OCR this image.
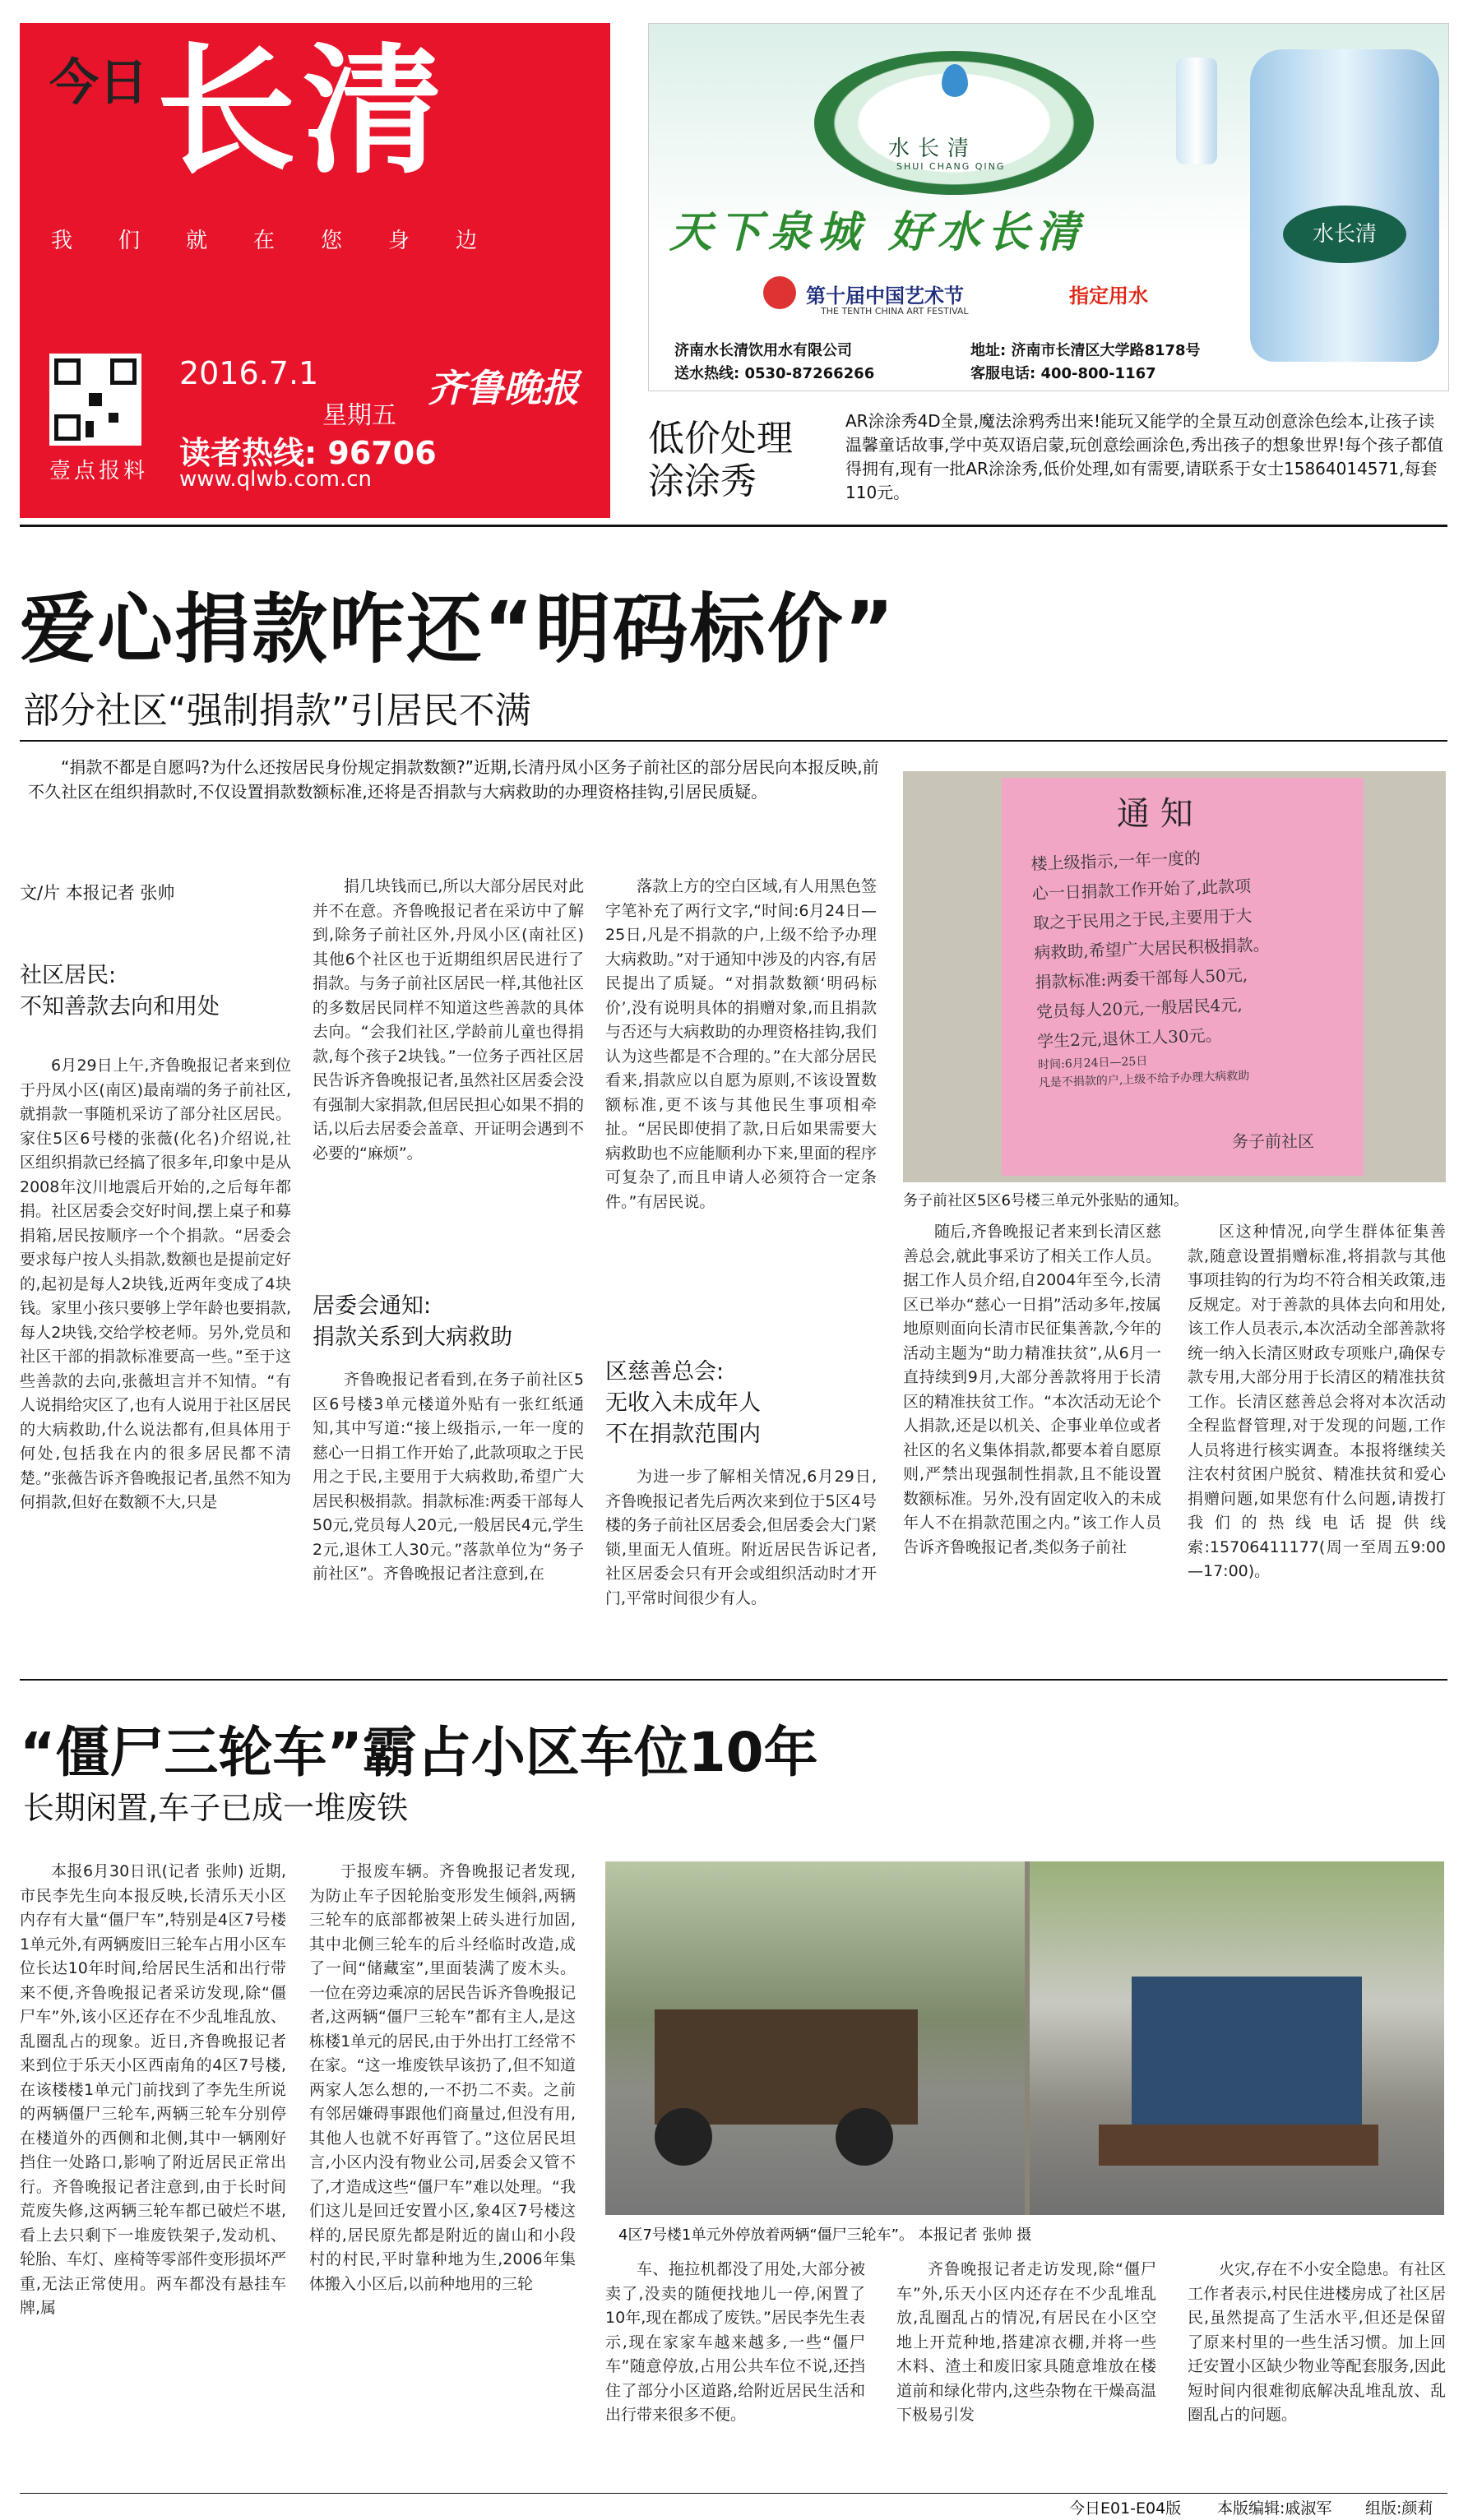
今日 长清
我们就在您身边
壹点报料
2016.7.1
星期五
齐鲁晚报
读者热线: 96706
www.qlwb.com.cn
水长清
SHUI CHANG QING
水长清
天下泉城 好水长清
第十届中国艺术节	指定用水
THE TENTH CHINA ART FESTIVAL
济南水长清饮用水有限公司	地址: 济南市长清区大学路8178号
送水热线: 0530-87266266	客服电话: 400-800-1167
低价处理
涂涂秀
AR涂涂秀4D全景,魔法涂鸦秀出来!能玩又能学的全景互动创意涂色绘本,让孩子读温馨童话故事,学中英双语启蒙,玩创意绘画涂色,秀出孩子的想象世界!每个孩子都值得拥有,现有一批AR涂涂秀,低价处理,如有需要,请联系于女士15864014571,每套110元。
爱心捐款咋还“明码标价”
部分社区“强制捐款”引居民不满
“捐款不都是自愿吗?为什么还按居民身份规定捐款数额?”近期,长清丹凤小区务子前社区的部分居民向本报反映,前不久社区在组织捐款时,不仅设置捐款数额标准,还将是否捐款与大病救助的办理资格挂钩,引居民质疑。
文/片 本报记者 张帅
社区居民:
不知善款去向和用处

6月29日上午,齐鲁晚报记者来到位于丹凤小区(南区)最南端的务子前社区,就捐款一事随机采访了部分社区居民。家住5区6号楼的张薇(化名)介绍说,社区组织捐款已经搞了很多年,印象中是从2008年汶川地震后开始的,之后每年都捐。社区居委会交好时间,摆上桌子和募捐箱,居民按顺序一个个捐款。“居委会要求每户按人头捐款,数额也是提前定好的,起初是每人2块钱,近两年变成了4块钱。家里小孩只要够上学年龄也要捐款,每人2块钱,交给学校老师。另外,党员和社区干部的捐款标准要高一些。”至于这些善款的去向,张薇坦言并不知情。“有人说捐给灾区了,也有人说用于社区居民的大病救助,什么说法都有,但具体用于何处,包括我在内的很多居民都不清楚。”张薇告诉齐鲁晚报记者,虽然不知为何捐款,但好在数额不大,只是

捐几块钱而已,所以大部分居民对此并不在意。齐鲁晚报记者在采访中了解到,除务子前社区外,丹凤小区(南社区)其他6个社区也于近期组织居民进行了捐款。与务子前社区居民一样,其他社区的多数居民同样不知道这些善款的具体去向。“会我们社区,学龄前儿童也得捐款,每个孩子2块钱。”一位务子西社区居民告诉齐鲁晚报记者,虽然社区居委会没有强制大家捐款,但居民担心如果不捐的话,以后去居委会盖章、开证明会遇到不必要的“麻烦”。

居委会通知:
捐款关系到大病救助

齐鲁晚报记者看到,在务子前社区5区6号楼3单元楼道外贴有一张红纸通知,其中写道:“接上级指示,一年一度的慈心一日捐工作开始了,此款项取之于民用之于民,主要用于大病救助,希望广大居民积极捐款。捐款标准:两委干部每人50元,党员每人20元,一般居民4元,学生2元,退休工人30元。”落款单位为“务子前社区”。齐鲁晚报记者注意到,在

落款上方的空白区域,有人用黑色签字笔补充了两行文字,“时间:6月24日—25日,凡是不捐款的户,上级不给予办理大病救助。”对于通知中涉及的内容,有居民提出了质疑。“对捐款数额‘明码标价’,没有说明具体的捐赠对象,而且捐款与否还与大病救助的办理资格挂钩,我们认为这些都是不合理的。”在大部分居民看来,捐款应以自愿为原则,不该设置数额标准,更不该与其他民生事项相牵扯。“居民即使捐了款,日后如果需要大病救助也不应能顺利办下来,里面的程序可复杂了,而且申请人必须符合一定条件。”有居民说。

区慈善总会:
无收入未成年人
不在捐款范围内

为进一步了解相关情况,6月29日,齐鲁晚报记者先后两次来到位于5区4号楼的务子前社区居委会,但居委会大门紧锁,里面无人值班。附近居民告诉记者,社区居委会只有开会或组织活动时才开门,平常时间很少有人。

通 知
楼上级指示,一年一度的
心一日捐款工作开始了,此款项
取之于民用之于民,主要用于大
病救助,希望广大居民积极捐款。
捐款标准:两委干部每人50元,
党员每人20元,一般居民4元,
学生2元,退休工人30元。
时间:6月24日—25日
凡是不捐款的户,上级不给予办理大病救助
务子前社区
务子前社区5区6号楼三单元外张贴的通知。

随后,齐鲁晚报记者来到长清区慈善总会,就此事采访了相关工作人员。据工作人员介绍,自2004年至今,长清区已举办“慈心一日捐”活动多年,按属地原则面向长清市民征集善款,今年的活动主题为“助力精准扶贫”,从6月一直持续到9月,大部分善款将用于长清区的精准扶贫工作。“本次活动无论个人捐款,还是以机关、企事业单位或者社区的名义集体捐款,都要本着自愿原则,严禁出现强制性捐款,且不能设置数额标准。另外,没有固定收入的未成年人不在捐款范围之内。”该工作人员告诉齐鲁晚报记者,类似务子前社

区这种情况,向学生群体征集善款,随意设置捐赠标准,将捐款与其他事项挂钩的行为均不符合相关政策,违反规定。对于善款的具体去向和用处,该工作人员表示,本次活动全部善款将统一纳入长清区财政专项账户,确保专款专用,大部分用于长清区的精准扶贫工作。长清区慈善总会将对本次活动全程监督管理,对于发现的问题,工作人员将进行核实调查。本报将继续关注农村贫困户脱贫、精准扶贫和爱心捐赠问题,如果您有什么问题,请拨打我们的热线电话提供线索:15706411177(周一至周五9:00—17:00)。

“僵尸三轮车”霸占小区车位10年
长期闲置,车子已成一堆废铁

本报6月30日讯(记者 张帅) 近期,市民李先生向本报反映,长清乐天小区内存有大量“僵尸车”,特别是4区7号楼1单元外,有两辆废旧三轮车占用小区车位长达10年时间,给居民生活和出行带来不便,齐鲁晚报记者采访发现,除“僵尸车”外,该小区还存在不少乱堆乱放、乱圈乱占的现象。近日,齐鲁晚报记者来到位于乐天小区西南角的4区7号楼,在该楼楼1单元门前找到了李先生所说的两辆僵尸三轮车,两辆三轮车分别停在楼道外的西侧和北侧,其中一辆刚好挡住一处路口,影响了附近居民正常出行。齐鲁晚报记者注意到,由于长时间荒废失修,这两辆三轮车都已破烂不堪,看上去只剩下一堆废铁架子,发动机、轮胎、车灯、座椅等零部件变形损坏严重,无法正常使用。两车都没有悬挂车牌,属

于报废车辆。齐鲁晚报记者发现,为防止车子因轮胎变形发生倾斜,两辆三轮车的底部都被架上砖头进行加固,其中北侧三轮车的后斗经临时改造,成了一间“储藏室”,里面装满了废木头。一位在旁边乘凉的居民告诉齐鲁晚报记者,这两辆“僵尸三轮车”都有主人,是这栋楼1单元的居民,由于外出打工经常不在家。“这一堆废铁早该扔了,但不知道两家人怎么想的,一不扔二不卖。之前有邻居嫌碍事跟他们商量过,但没有用,其他人也就不好再管了。”这位居民坦言,小区内没有物业公司,居委会又管不了,才造成这些“僵尸车”难以处理。“我们这儿是回迁安置小区,象4区7号楼这样的,居民原先都是附近的崮山和小段村的村民,平时靠种地为生,2006年集体搬入小区后,以前种地用的三轮

4区7号楼1单元外停放着两辆“僵尸三轮车”。 本报记者 张帅 摄

车、拖拉机都没了用处,大部分被卖了,没卖的随便找地儿一停,闲置了10年,现在都成了废铁。”居民李先生表示,现在家家车越来越多,一些“僵尸车”随意停放,占用公共车位不说,还挡住了部分小区道路,给附近居民生活和出行带来很多不便。

齐鲁晚报记者走访发现,除“僵尸车”外,乐天小区内还存在不少乱堆乱放,乱圈乱占的情况,有居民在小区空地上开荒种地,搭建凉衣棚,并将一些木料、渣土和废旧家具随意堆放在楼道前和绿化带内,这些杂物在干燥高温下极易引发

火灾,存在不小安全隐患。有社区工作者表示,村民住进楼房成了社区居民,虽然提高了生活水平,但还是保留了原来村里的一些生活习惯。加上回迁安置小区缺少物业等配套服务,因此短时间内很难彻底解决乱堆乱放、乱圈乱占的问题。

今日E01-E04版 本版编辑:戚淑军 组版:颜莉
